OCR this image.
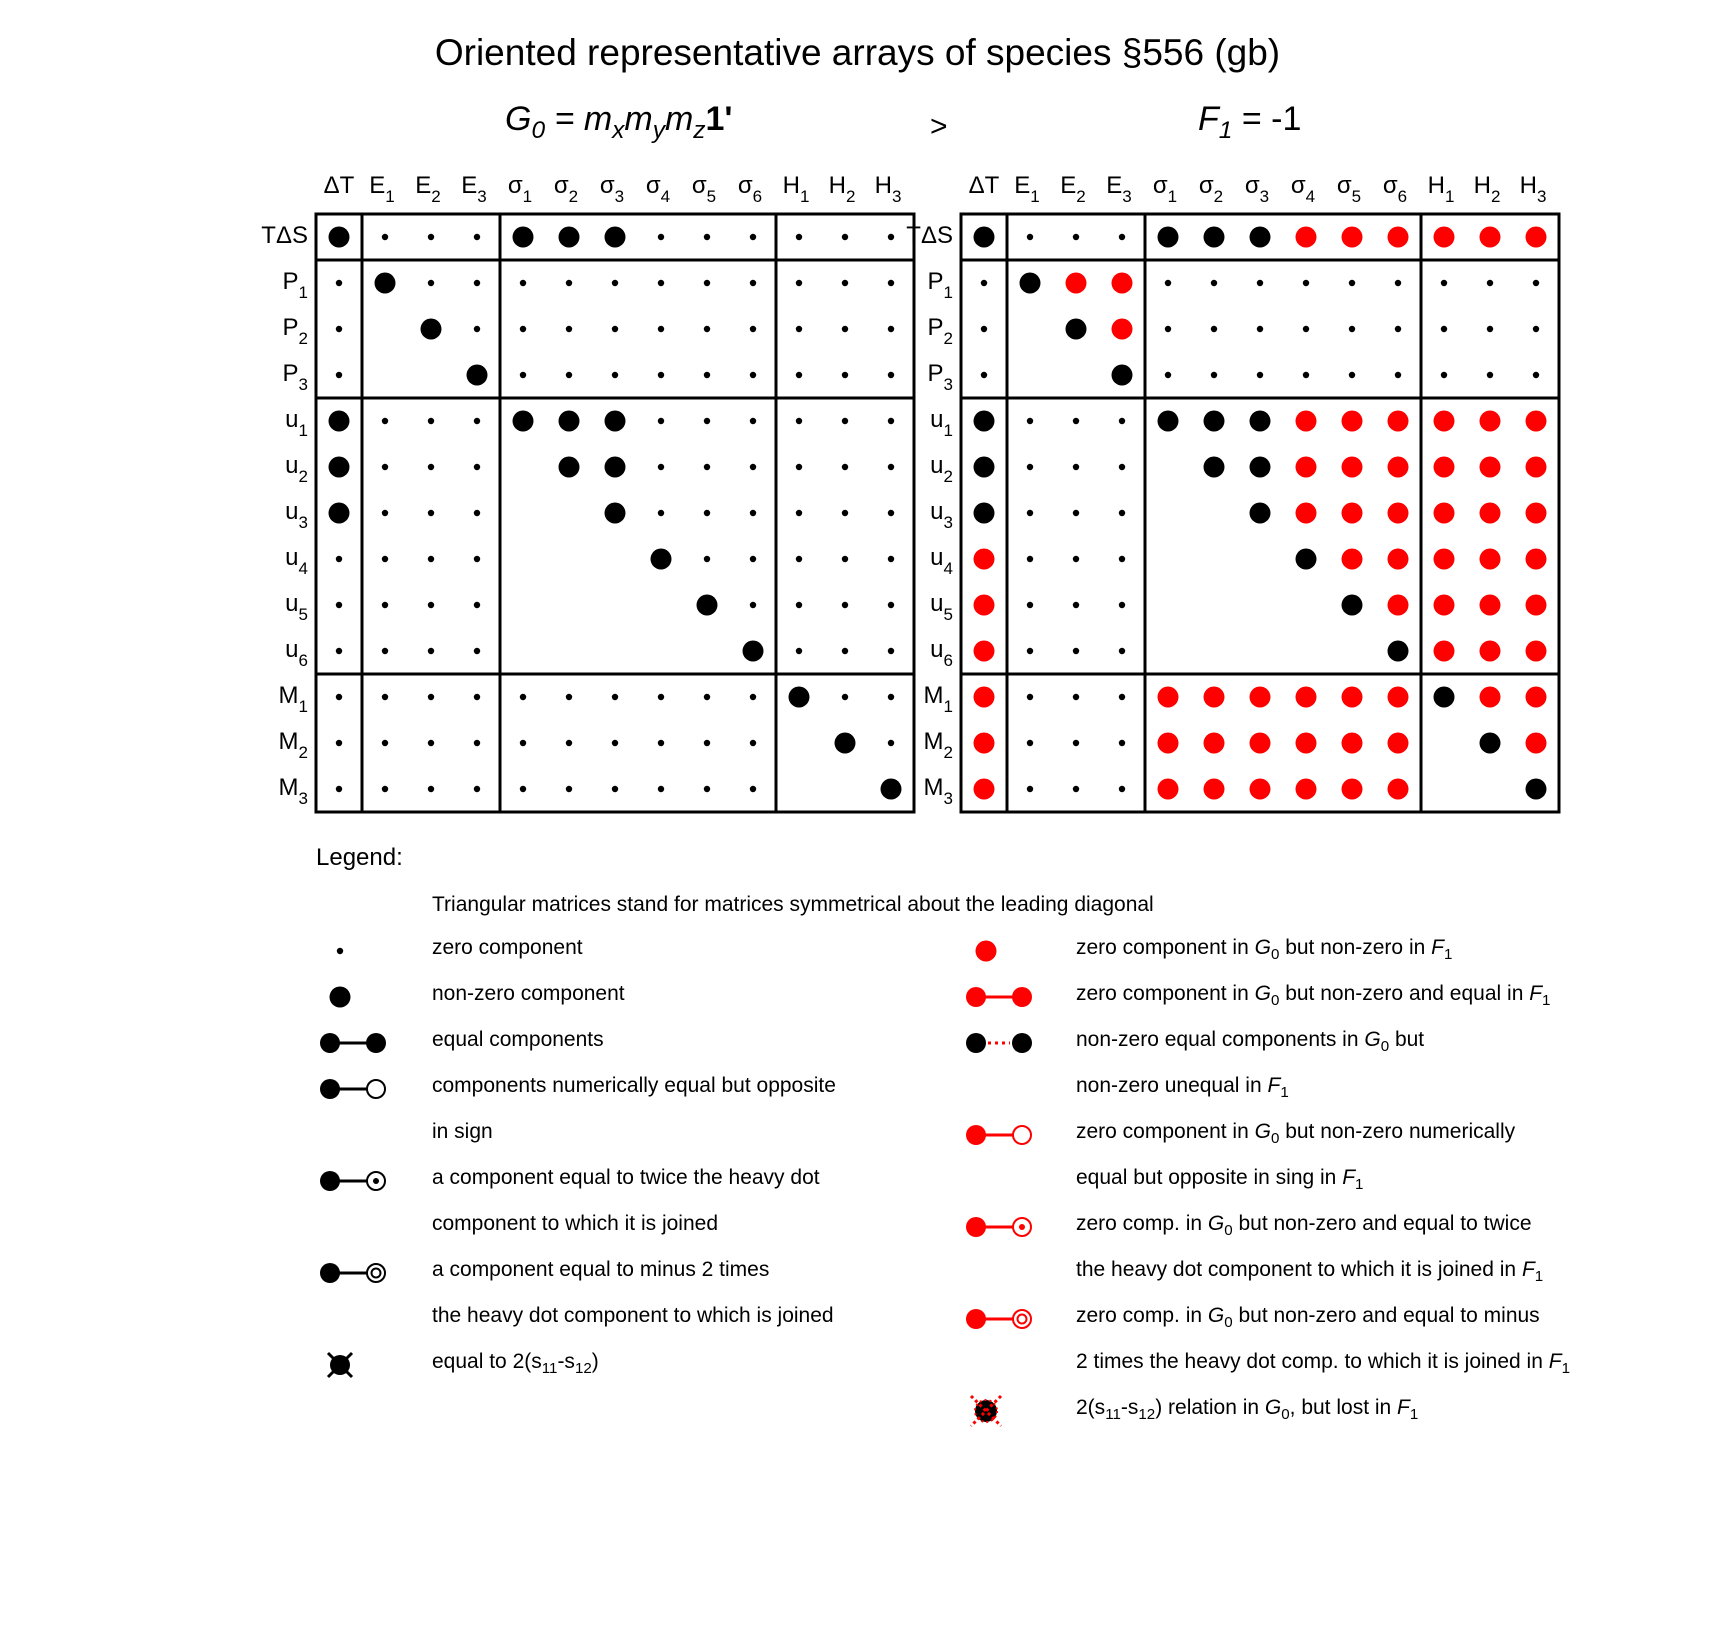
Oriented representative arrays of species §556 (gb)
$G_0 = m_xm_ym_z1'$	>	$F_1 = -1$
ΔT $E_1$ $E_2$ $E_3$ $\sigma_1$ $\sigma_2$ $\sigma_3$ $\sigma_4$ $\sigma_5$ $\sigma_6$ $H_1$ $H_2$ $H_3$
TΔS
$P_1$
$P_2$
$P_3$
$u_1$
$u_2$
$u_3$
$u_4$
$u_5$
$u_6$
$M_1$
$M_2$
$M_3$
ΔT $E_1$ $E_2$ $E_3$ $\sigma_1$ $\sigma_2$ $\sigma_3$ $\sigma_4$ $\sigma_5$ $\sigma_6$ $H_1$ $H_2$ $H_3$
TΔS
$P_1$
$P_2$
$P_3$
$u_1$
$u_2$
$u_3$
$u_4$
$u_5$
$u_6$
$M_1$
$M_2$
$M_3$
Legend:
Triangular matrices stand for matrices symmetrical about the leading diagonal
zero component
non-zero component
equal components
components numerically equal but opposite
in sign
a component equal to twice the heavy dot
component to which it is joined
a component equal to minus 2 times
the heavy dot component to which is joined
equal to $2(s_{11}-s_{12})$
zero component in $G_0$ but non-zero in $F_1$
zero component in $G_0$ but non-zero and equal in $F_1$
non-zero equal components in $G_0$ but
non-zero unequal in $F_1$
zero component in $G_0$ but non-zero numerically
equal but opposite in sing in $F_1$
zero comp. in $G_0$ but non-zero and equal to twice
the heavy dot component to which it is joined in $F_1$
zero comp. in $G_0$ but non-zero and equal to minus
2 times the heavy dot comp. to which it is joined in $F_1$
$2(s_{11}-s_{12})$ relation in $G_0$, but lost in $F_1$
